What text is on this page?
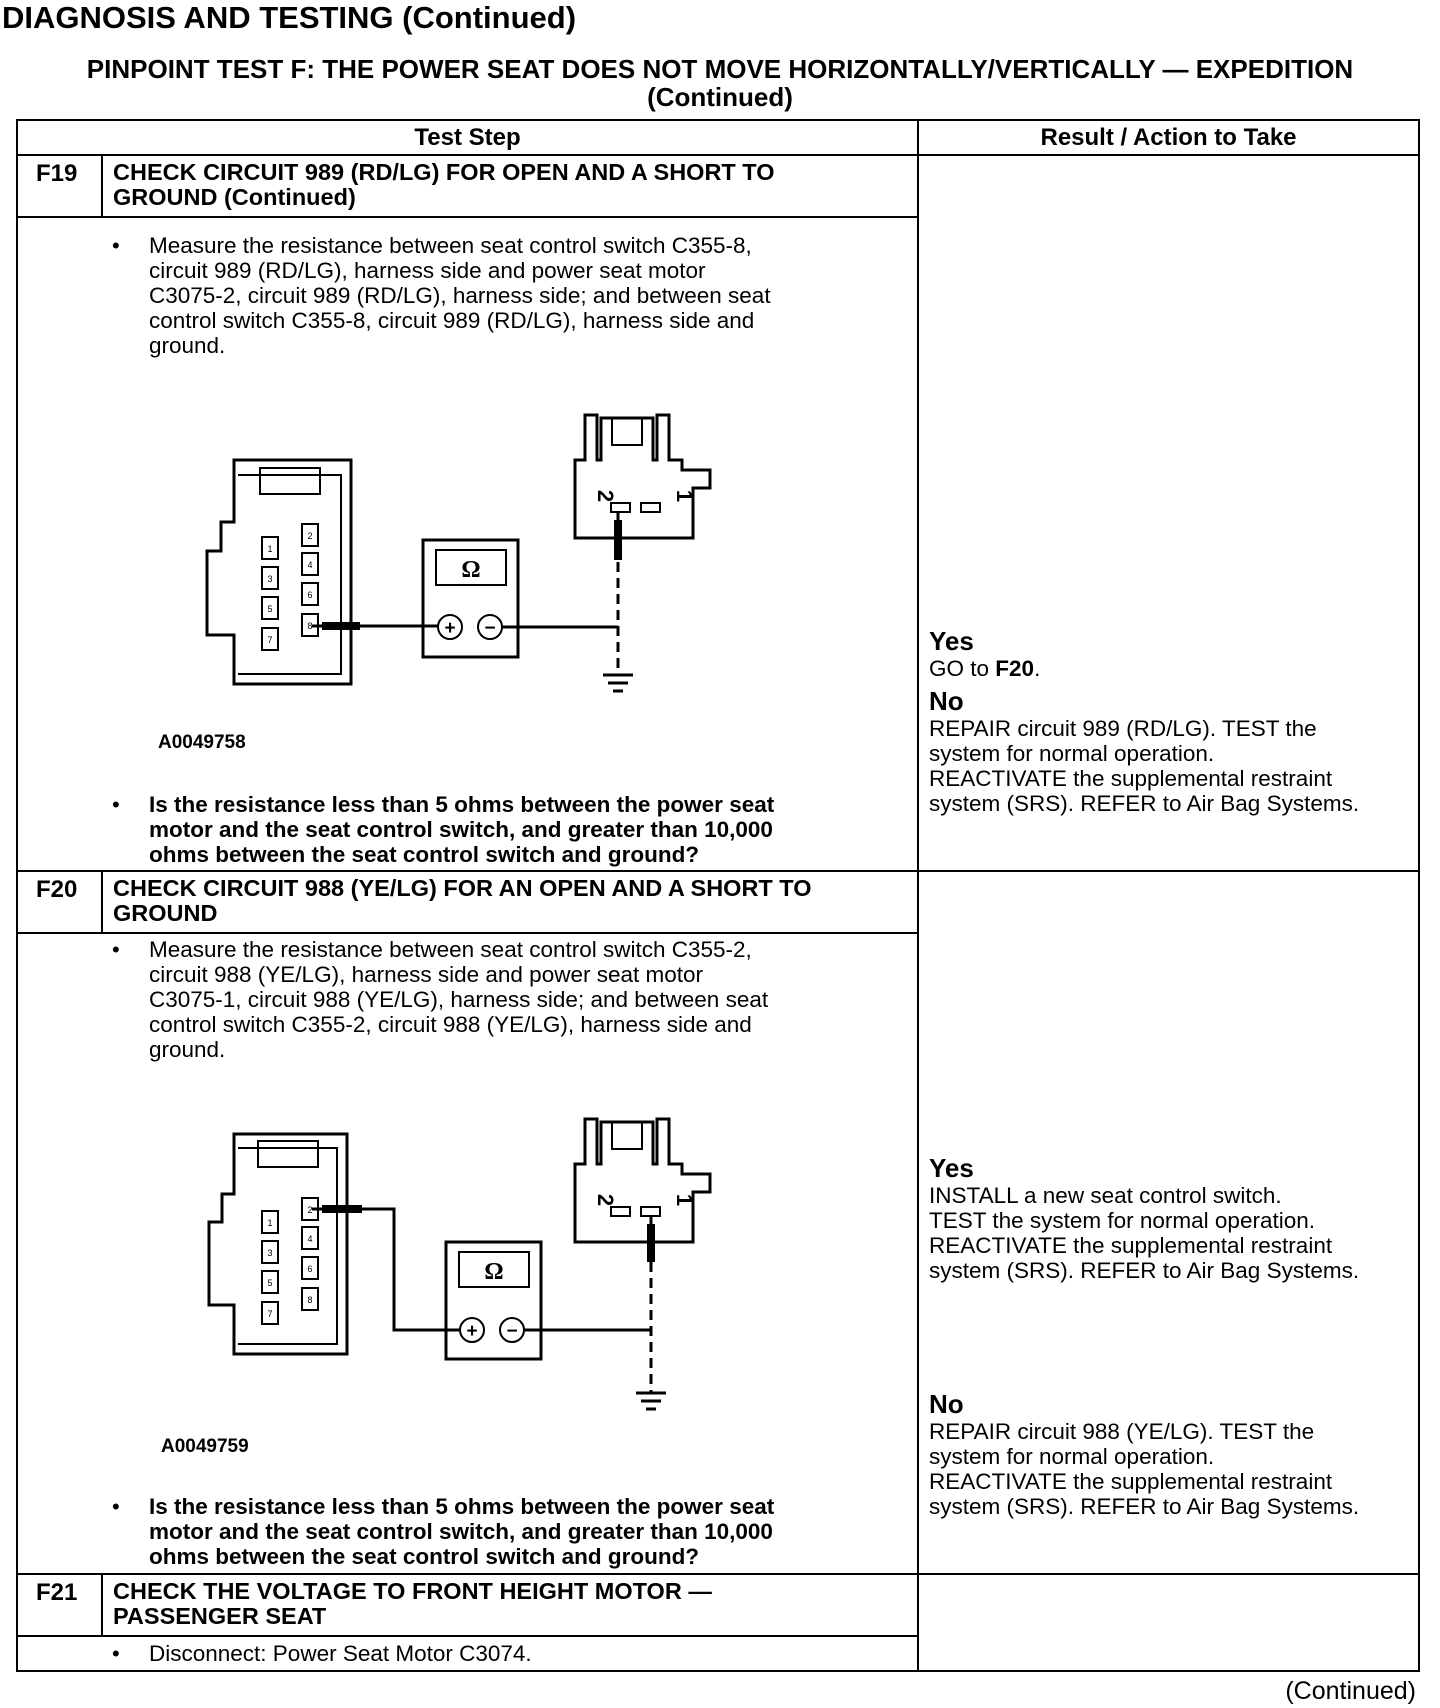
DIAGNOSIS AND TESTING (Continued)
PINPOINT TEST F: THE POWER SEAT DOES NOT MOVE HORIZONTALLY/VERTICALLY — EXPEDITION
(Continued)
Test Step	Result / Action to Take
F19 CHECK CIRCUIT 989 (RD/LG) FOR OPEN AND A SHORT TO
GROUND (Continued)
• Measure the resistance between seat control switch C355-8,
circuit 989 (RD/LG), harness side and power seat motor
C3075-2, circuit 989 (RD/LG), harness side; and between seat
control switch C355-8, circuit 989 (RD/LG), harness side and
ground.
1
3
5
7
2
4
6
8
Ω
+ −
2 1
A0049758
• Is the resistance less than 5 ohms between the power seat
motor and the seat control switch, and greater than 10,000
ohms between the seat control switch and ground?
Yes
GO to F20.
No
REPAIR circuit 989 (RD/LG). TEST the
system for normal operation.
REACTIVATE the supplemental restraint
system (SRS). REFER to Air Bag Systems.
F20 CHECK CIRCUIT 988 (YE/LG) FOR AN OPEN AND A SHORT TO
GROUND
• Measure the resistance between seat control switch C355-2,
circuit 988 (YE/LG), harness side and power seat motor
C3075-1, circuit 988 (YE/LG), harness side; and between seat
control switch C355-2, circuit 988 (YE/LG), harness side and
ground.
1
3
5
7
2
4
6
8
Ω
+ −
2 1
A0049759
• Is the resistance less than 5 ohms between the power seat
motor and the seat control switch, and greater than 10,000
ohms between the seat control switch and ground?
Yes
INSTALL a new seat control switch.
TEST the system for normal operation.
REACTIVATE the supplemental restraint
system (SRS). REFER to Air Bag Systems.
No
REPAIR circuit 988 (YE/LG). TEST the
system for normal operation.
REACTIVATE the supplemental restraint
system (SRS). REFER to Air Bag Systems.
F21 CHECK THE VOLTAGE TO FRONT HEIGHT MOTOR —
PASSENGER SEAT
• Disconnect: Power Seat Motor C3074.
(Continued)
